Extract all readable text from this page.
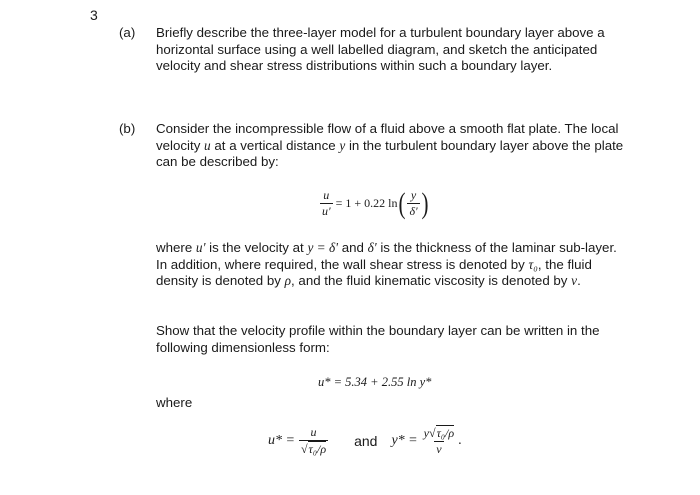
3
(a) Briefly describe the three-layer model for a turbulent boundary layer above a horizontal surface using a well labelled diagram, and sketch the anticipated velocity and shear stress distributions within such a boundary layer.
(b) Consider the incompressible flow of a fluid above a smooth flat plate. The local velocity u at a vertical distance y in the turbulent boundary layer above the plate can be described by:
$\frac{u}{u'} = 1 + 0.22$ ln ( $\frac{y}{\delta'}$ )
where u' is the velocity at y = δ' and δ' is the thickness of the laminar sub-layer. In addition, where required, the wall shear stress is denoted by τ₀, the fluid density is denoted by ρ, and the fluid kinematic viscosity is denoted by ν.
Show that the velocity profile within the boundary layer can be written in the following dimensionless form:
u* = 5.34 + 2.55 ln y*
where
$u* = \frac{u}{\text{√τ₀/ρ}}$ and $y* = \frac{\text{y√τ₀/ρ}}{\nu}$ .
